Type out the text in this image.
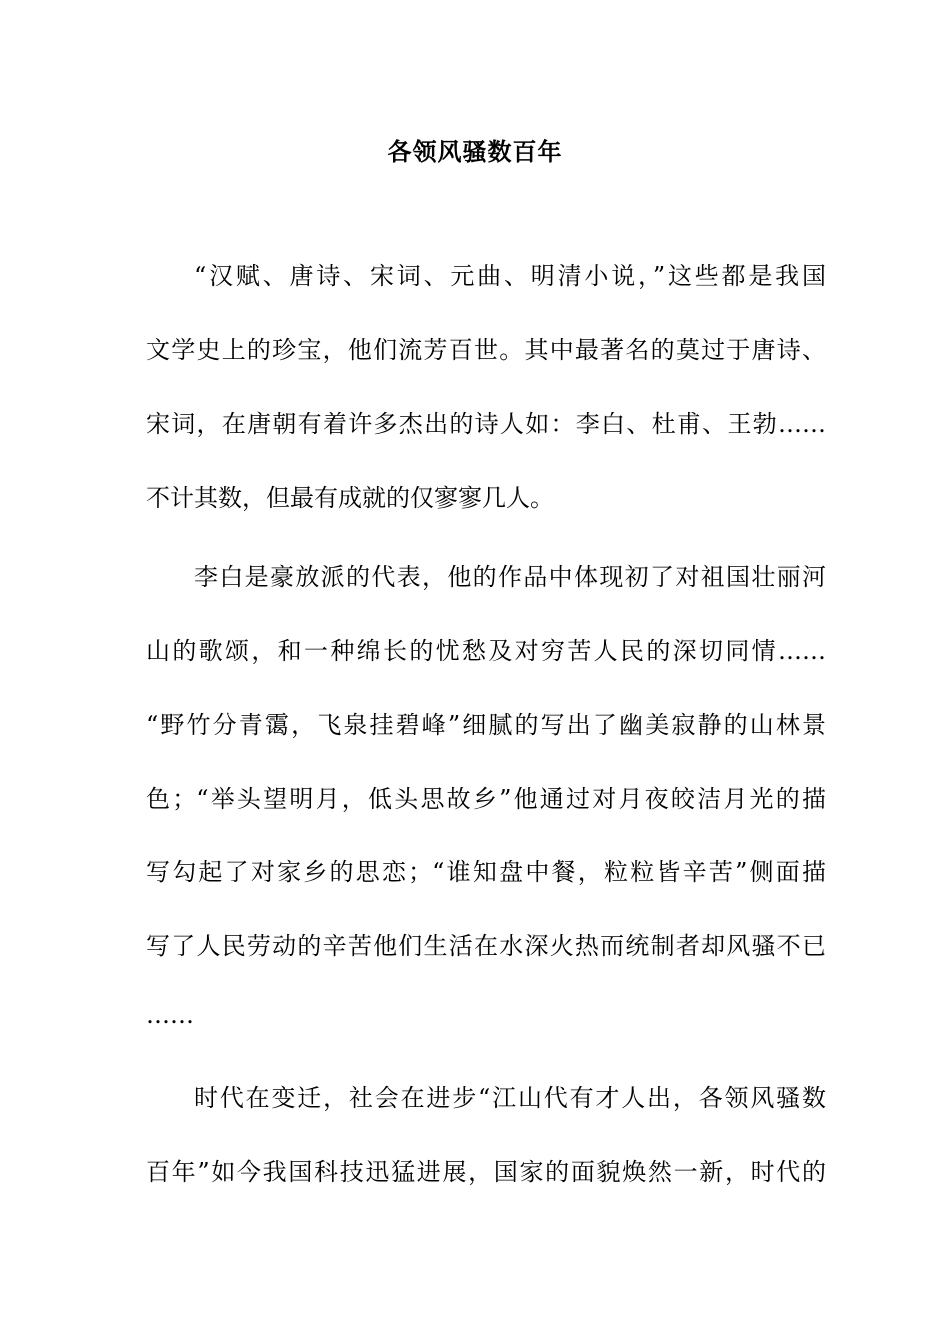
各领风骚数百年
“汉赋、唐诗、宋词、元曲、明清小说，”这些都是我国
文学史上的珍宝，他们流芳百世。其中最著名的莫过于唐诗、
宋词，在唐朝有着许多杰出的诗人如：李白、杜甫、王勃……
不计其数，但最有成就的仅寥寥几人。
李白是豪放派的代表，他的作品中体现初了对祖国壮丽河
山的歌颂，和一种绵长的忧愁及对穷苦人民的深切同情……
“野竹分青霭，飞泉挂碧峰”细腻的写出了幽美寂静的山林景
色；“举头望明月，低头思故乡”他通过对月夜皎洁月光的描
写勾起了对家乡的思恋；“谁知盘中餐，粒粒皆辛苦”侧面描
写了人民劳动的辛苦他们生活在水深火热而统制者却风骚不已
……
时代在变迁，社会在进步“江山代有才人出，各领风骚数
百年”如今我国科技迅猛进展，国家的面貌焕然一新，时代的
